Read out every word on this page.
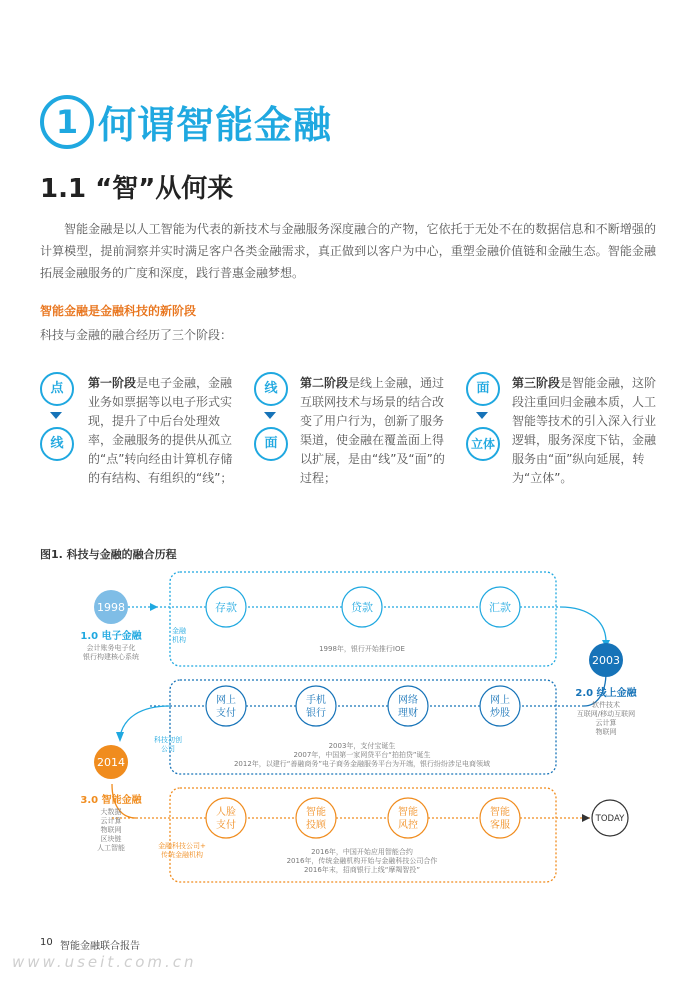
1 何谓智能金融
1.1 “智”从何来
智能金融是以人工智能为代表的新技术与金融服务深度融合的产物，它依托于无处不在的数据信息和不断增强的计算模型，提前洞察并实时满足客户各类金融需求，真正做到以客户为中心，重塑金融价值链和金融生态。智能金融拓展金融服务的广度和深度，践行普惠金融梦想。
智能金融是金融科技的新阶段
科技与金融的融合经历了三个阶段：
点
线
第一阶段是电子金融，金融业务如票据等以电子形式实现，提升了中后台处理效率，金融服务的提供从孤立的“点”转向经由计算机存储的有结构、有组织的“线”；
线
面
第二阶段是线上金融，通过互联网技术与场景的结合改变了用户行为，创新了服务渠道，使金融在覆盖面上得以扩展，是由“线”及“面”的过程；
面
立体
第三阶段是智能金融，这阶段注重回归金融本质，人工智能等技术的引入深入行业逻辑，服务深度下钻，金融服务由“面”纵向延展，转为“立体”。
图1. 科技与金融的融合历程
1998
2003
2014
TODAY
存款	贷款	汇款
1998年，银行开始推行IOE
网上
支付
手机
银行
网络
理财
网上
炒股
2003年，支付宝诞生
2007年，中国第一家网贷平台“拍拍贷”诞生
2012年，以建行“善融商务”电子商务金融服务平台为开端，银行纷纷涉足电商领域
人脸
支付
智能
投顾
智能
风控
智能
客服
2016年，中国开始应用智能合约
2016年，传统金融机构开始与金融科技公司合作
2016年末，招商银行上线“摩羯智投”
金融
机构
科技初创
公司
金融科技公司+
传统金融机构
1.0 电子金融
会计账务电子化
银行构建核心系统
2.0 线上金融
软件技术
互联网/移动互联网
云计算
物联网
3.0 智能金融
大数据
云计算
物联网
区块链
人工智能
10 智能金融联合报告
www.useit.com.cn
